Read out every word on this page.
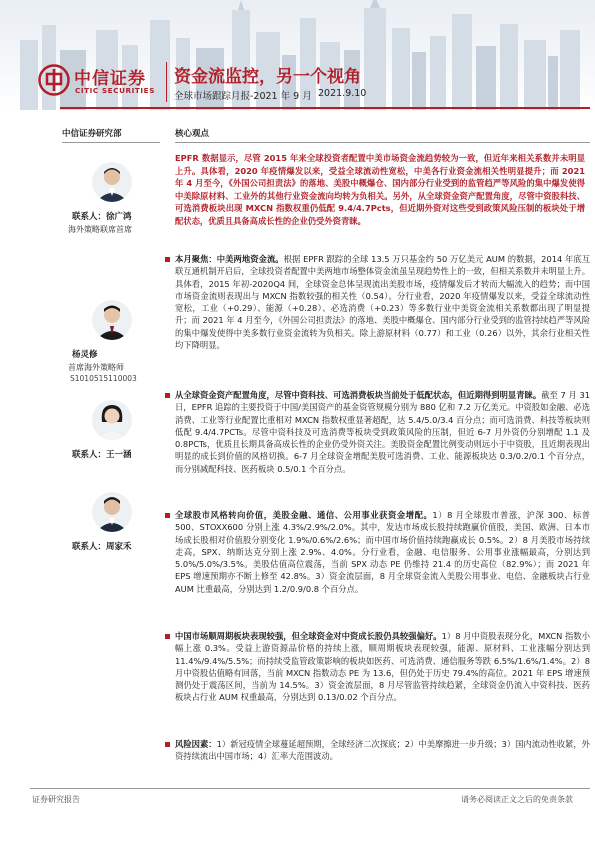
中信证券
CITIC SECURITIES
资金流监控，另一个视角
全球市场跟踪月报-2021 年 9 月 2021.9.10
中信证券研究部
联系人：徐广鸿
海外策略联席首席
杨灵修
首席海外策略师
S1010515110003
联系人：王一涵
联系人：周家禾
核心观点
EPFR 数据显示，尽管 2015 年来全球投资者配置中美市场资金流趋势较为一致，但近年来相关系数并未明显上升。具体看，2020 年疫情爆发以来，受益全球流动性宽松，中美各行业资金流相关性明显提升；而 2021 年 4 月至今，《外国公司担责法》的落地、美股中概爆仓、国内部分行业受到的监管趋严等风险的集中爆发使得中美除原材料、工业外的其他行业资金流向均转为负相关。另外，从全球资金资产配置角度，尽管中资股科技、可选消费板块出现 MXCN 指数权重仍低配 9.4/4.7Pcts，但近期外资对这些受到政策风险压制的板块处于增配状态，优质且具备高成长性的企业仍受外资青睐。
本月聚焦：中美两地资金流。根据 EPFR 跟踪的全球 13.5 万只基金约 50 万亿美元 AUM 的数据，2014 年底互联互通机制开启后，全球投资者配置中美两地市场整体资金流虽呈现趋势性上的一致，但相关系数并未明显上升。具体看，2015 年初-2020Q4 间，全球资金总体呈现流出美股市场，疫情爆发后才转而大幅流入的趋势；而中国市场资金流则表现出与 MXCN 指数较强的相关性（0.54）。分行业看，2020 年疫情爆发以来，受益全球流动性宽松，工业（+0.29）、能源（+0.28）、必选消费（+0.23）等多数行业中美资金流相关系数都出现了明显提升；而 2021 年 4 月至今，《外国公司担责法》的落地、美股中概爆仓、国内部分行业受到的监管持续趋严等风险的集中爆发使得中美多数行业资金流转为负相关。除上游原材料（0.77）和工业（0.26）以外，其余行业相关性均下降明显。
从全球资金资产配置角度，尽管中资科技、可选消费板块当前处于低配状态，但近期得到明显青睐。截至 7 月 31 日，EPFR 追踪的主要投资于中国/美国资产的基金资管规模分别为 880 亿和 7.2 万亿美元。中资股如金融、必选消费、工业等行业配置比重相对 MXCN 指数权重显著超配，达 5.4/5.0/3.4 百分点；而可选消费、科技等板块则低配 9.4/4.7PCTs。尽管中资科技及可选消费等板块受到政策风险的压制，但近 6-7 月外资仍分别增配 1.1 及 0.8PCTs，优质且长期具备高成长性的企业仍受外资关注。美股资金配置比例变动则远小于中资股，且近期表现出明显的成长到价值的风格切换。6-7 月全球资金增配美股可选消费、工业、能源板块达 0.3/0.2/0.1 个百分点，而分别减配科技、医药板块 0.5/0.1 个百分点。
全球股市风格转向价值，美股金融、通信、公用事业获资金增配。1）8 月全球股市普涨，沪深 300、标普 500、STOXX600 分别上涨 4.3%/2.9%/2.0%。其中，发达市场成长股持续跑赢价值股，美国、欧洲、日本市场成长股相对价值股分别变化 1.9%/0.6%/2.6%；而中国市场价值持续跑赢成长 0.5%。2）8 月美股市场持续走高，SPX、纳斯达克分别上涨 2.9%、4.0%。分行业看，金融、电信服务、公用事业涨幅最高，分别达到 5.0%/5.0%/3.5%。美股估值高位震荡，当前 SPX 动态 PE 仍维持 21.4 的历史高位（82.9%）；而 2021 年 EPS 增速预期亦不断上修至 42.8%。3）资金流层面，8 月全球资金流入美股公用事业、电信、金融板块占行业 AUM 比重最高，分别达到 1.2/0.9/0.8 个百分点。
中国市场顺周期板块表现较强，但全球资金对中资成长股仍具较强偏好。1）8 月中资股表现分化，MXCN 指数小幅上涨 0.3%。受益上游资源品价格的持续上涨，顺周期板块表现较强，能源、原材料、工业涨幅分别达到 11.4%/9.4%/5.5%；而持续受监管政策影响的板块如医药、可选消费、通信服务等跌 6.5%/1.6%/1.4%。2）8 月中资股估值略有回落，当前 MXCN 指数动态 PE 为 13.6，但仍处于历史 79.4%的高位。2021 年 EPS 增速预测仍处于震荡区间，当前为 14.5%。3）资金流层面，8 月尽管监管持续趋紧，全球资金仍流入中资科技、医药板块占行业 AUM 权重最高，分别达到 0.13/0.02 个百分点。
风险因素：1）新冠疫情全球蔓延超预期，全球经济二次探底；2）中美摩擦进一步升级；3）国内流动性收紧，外资持续流出中国市场；4）汇率大范围波动。
证券研究报告	请务必阅读正文之后的免责条款
